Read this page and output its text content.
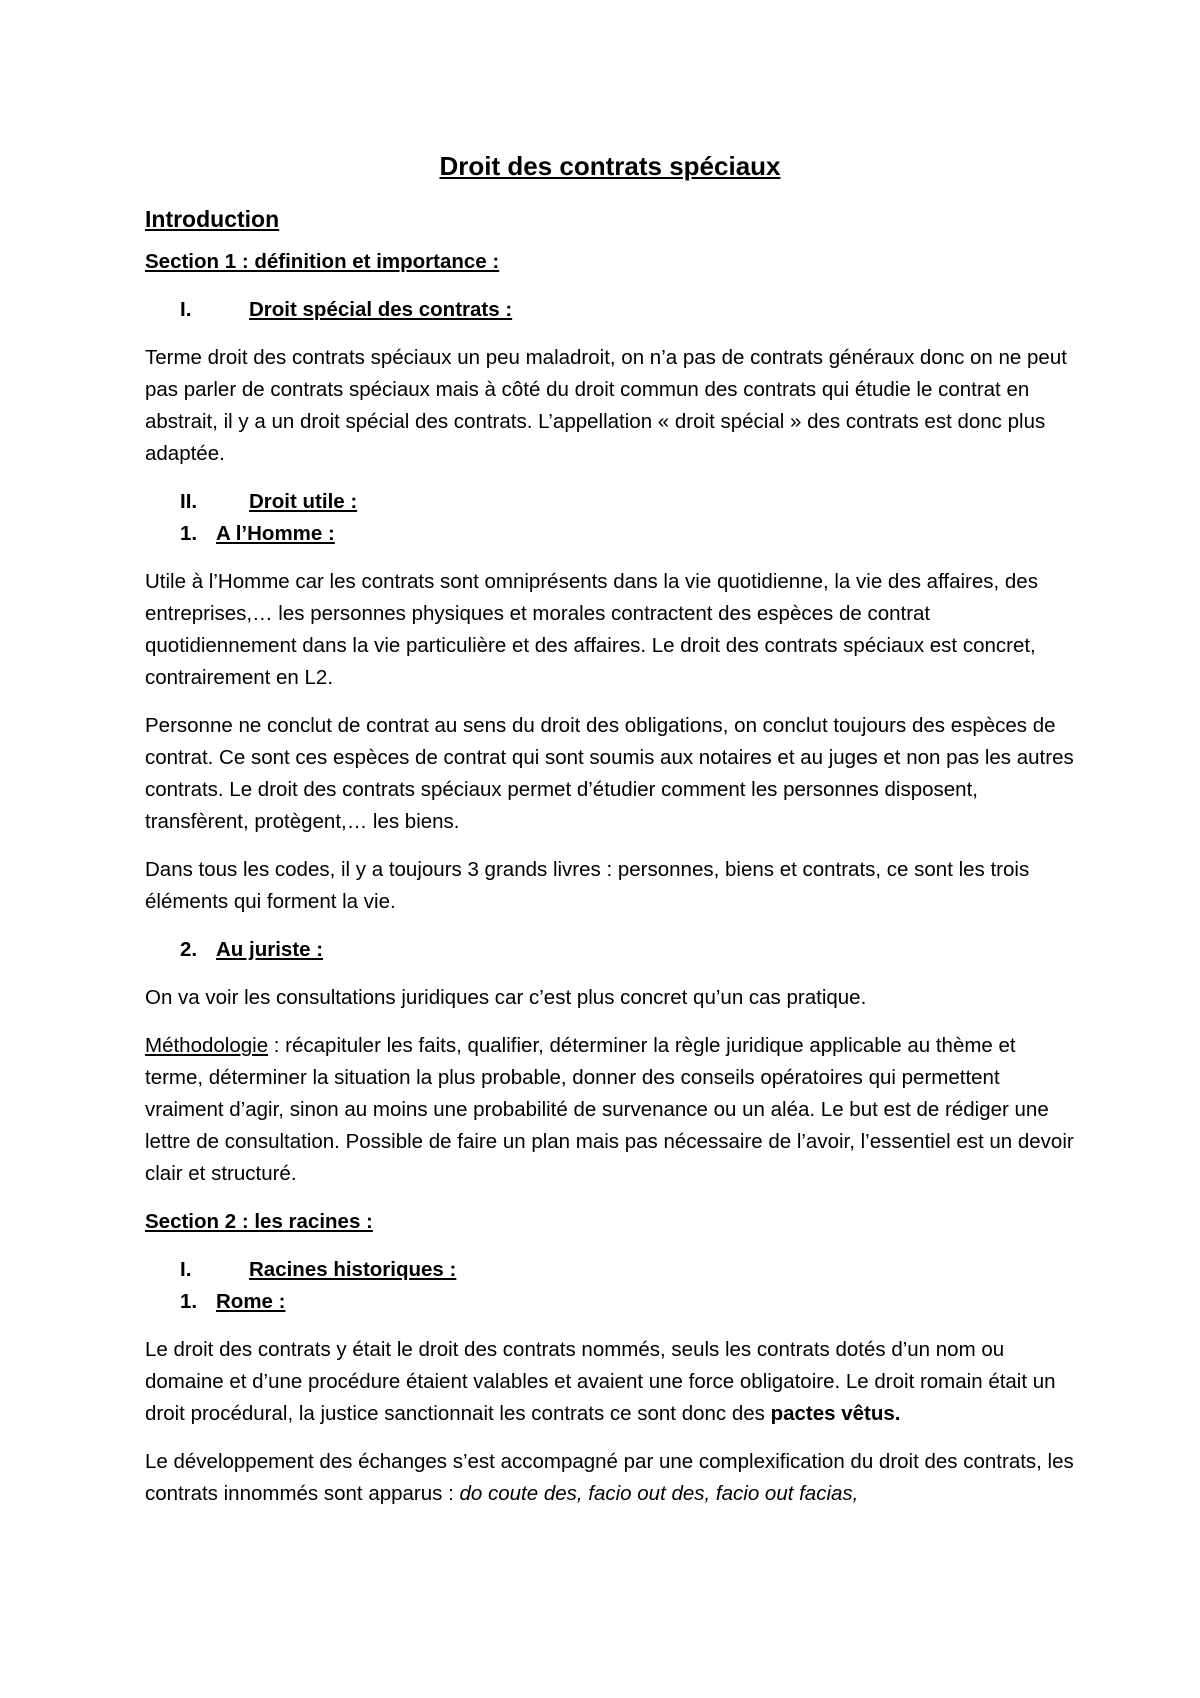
Droit des contrats spéciaux
Introduction
Section 1 : définition et importance :
I.	Droit spécial des contrats :

Terme droit des contrats spéciaux un peu maladroit, on n’a pas de contrats généraux donc on ne peut pas parler de contrats spéciaux mais à côté du droit commun des contrats qui étudie le contrat en abstrait, il y a un droit spécial des contrats. L’appellation « droit spécial » des contrats est donc plus adaptée.

II.	Droit utile :
1. A l’Homme :

Utile à l’Homme car les contrats sont omniprésents dans la vie quotidienne, la vie des affaires, des entreprises,… les personnes physiques et morales contractent des espèces de contrat quotidiennement dans la vie particulière et des affaires. Le droit des contrats spéciaux est concret, contrairement en L2.

Personne ne conclut de contrat au sens du droit des obligations, on conclut toujours des espèces de contrat. Ce sont ces espèces de contrat qui sont soumis aux notaires et au juges et non pas les autres contrats. Le droit des contrats spéciaux permet d’étudier comment les personnes disposent, transfèrent, protègent,… les biens.

Dans tous les codes, il y a toujours 3 grands livres : personnes, biens et contrats, ce sont les trois éléments qui forment la vie.

2. Au juriste :

On va voir les consultations juridiques car c’est plus concret qu’un cas pratique.

Méthodologie : récapituler les faits, qualifier, déterminer la règle juridique applicable au thème et terme, déterminer la situation la plus probable, donner des conseils opératoires qui permettent vraiment d’agir, sinon au moins une probabilité de survenance ou un aléa. Le but est de rédiger une lettre de consultation. Possible de faire un plan mais pas nécessaire de l’avoir, l’essentiel est un devoir clair et structuré.

Section 2 : les racines :
I.	Racines historiques :
1. Rome :

Le droit des contrats y était le droit des contrats nommés, seuls les contrats dotés d’un nom ou domaine et d’une procédure étaient valables et avaient une force obligatoire. Le droit romain était un droit procédural, la justice sanctionnait les contrats ce sont donc des pactes vêtus.

Le développement des échanges s’est accompagné par une complexification du droit des contrats, les contrats innommés sont apparus : do coute des, facio out des, facio out facias,
